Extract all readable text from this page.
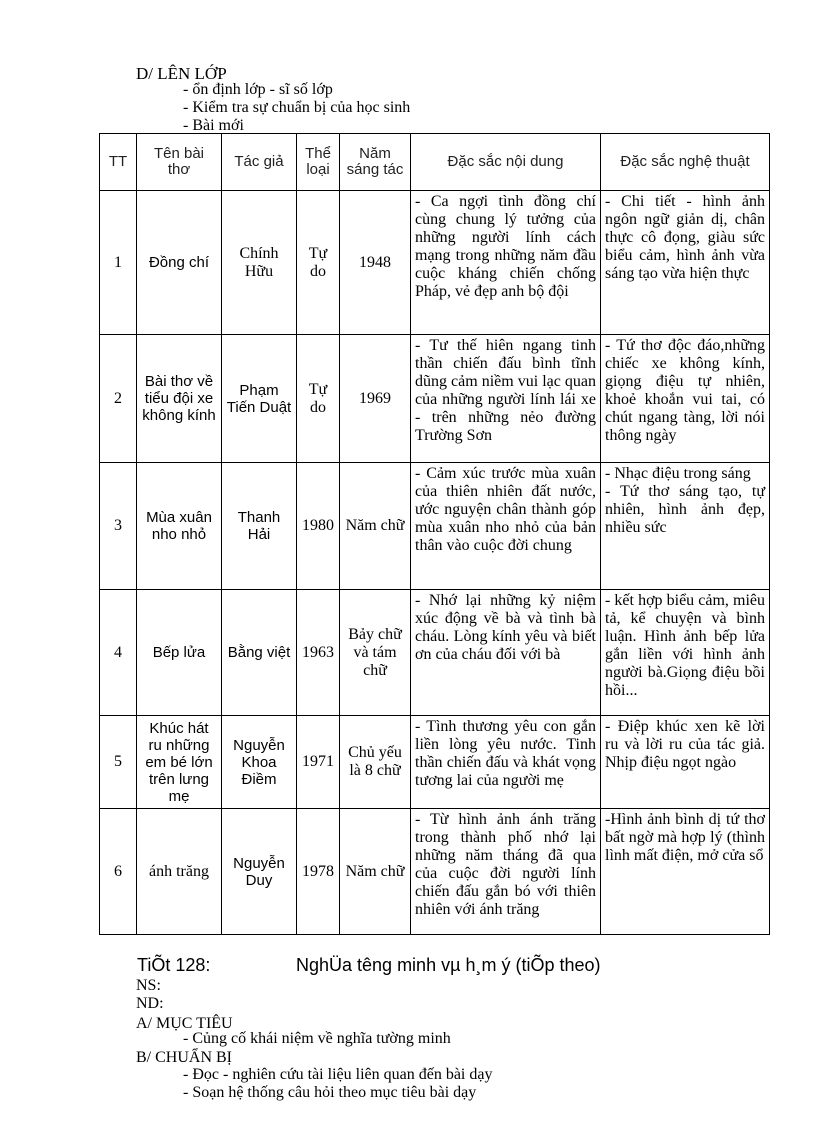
D/ LÊN LỚP
- ổn định lớp - sĩ số lớp
- Kiểm tra sự chuẩn bị của học sinh
- Bài mới
TT	Tên bài thơ	Tác giả	Thể loại	Năm sáng tác	Đặc sắc nội dung	Đặc sắc nghệ thuật
1	Đồng chí	Chính Hữu	Tự do	1948	- Ca ngợi tình đồng chí cùng chung lý tưởng của những người lính cách mạng trong những năm đầu cuộc kháng chiến chống Pháp, vẻ đẹp anh bộ đội	- Chi tiết - hình ảnh ngôn ngữ giản dị, chân thực cô đọng, giàu sức biểu cảm, hình ảnh vừa sáng tạo vừa hiện thực
2	Bài thơ về tiểu đội xe không kính	Phạm Tiến Duật	Tự do	1969	- Tư thế hiên ngang tinh thần chiến đấu bình tĩnh dũng cảm niềm vui lạc quan của những người lính lái xe - trên những nẻo đường Trường Sơn	- Tứ thơ độc đáo,những chiếc xe không kính, giọng điệu tự nhiên, khoẻ khoắn vui tai, có chút ngang tàng, lời nói thông ngày
3	Mùa xuân nho nhỏ	Thanh Hải	1980	Năm chữ	- Cảm xúc trước mùa xuân của thiên nhiên đất nước, ước nguyện chân thành góp mùa xuân nho nhỏ của bản thân vào cuộc đời chung	- Nhạc điệu trong sáng
- Tứ thơ sáng tạo, tự nhiên, hình ảnh đẹp, nhiều sức
4	Bếp lửa	Bằng việt	1963	Bảy chữ và tám chữ	- Nhớ lại những kỷ niệm xúc động về bà và tình bà cháu. Lòng kính yêu và biết ơn của cháu đối với bà	- kết hợp biểu cảm, miêu tả, kể chuyện và bình luận. Hình ảnh bếp lửa gắn liền với hình ảnh người bà.Giọng điệu bồi hồi...
5	Khúc hát ru những em bé lớn trên lưng mẹ	Nguyễn Khoa Điềm	1971	Chủ yếu là 8 chữ	- Tình thương yêu con gắn liền lòng yêu nước. Tinh thần chiến đấu và khát vọng tương lai của người mẹ	- Điệp khúc xen kẽ lời ru và lời ru của tác giả. Nhịp điệu ngọt ngào
6	ánh trăng	Nguyễn Duy	1978	Năm chữ	- Từ hình ảnh ánh trăng trong thành phố nhớ lại những năm tháng đã qua của cuộc đời người lính chiến đấu gắn bó với thiên nhiên với ánh trăng	-Hình ảnh bình dị tứ thơ bất ngờ mà hợp lý (thình lình mất điện, mở cửa sổ
TiÕt 128:	NghÜa têng minh vµ h¸m ý (tiÕp theo)
NS:
ND:
A/ MỤC TIÊU
- Củng cố khái niệm về nghĩa tường minh
B/ CHUẨN BỊ
- Đọc - nghiên cứu tài liệu liên quan đến bài dạy
- Soạn hệ thống câu hỏi theo mục tiêu bài dạy
